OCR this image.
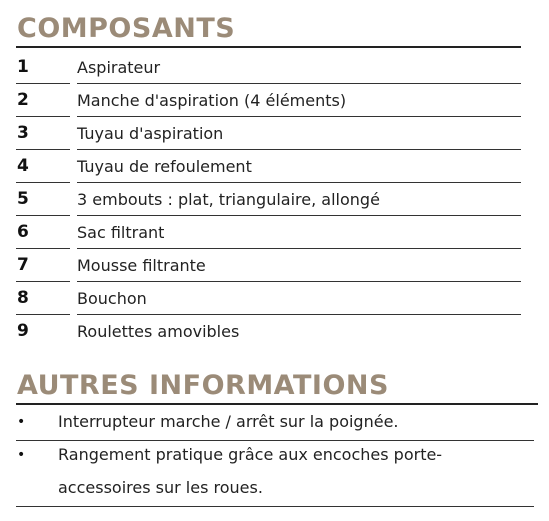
COMPOSANTS
1	Aspirateur
2	Manche d'aspiration (4 éléments)
3	Tuyau d'aspiration
4	Tuyau de refoulement
5	3 embouts : plat, triangulaire, allongé
6	Sac filtrant
7	Mousse filtrante
8	Bouchon
9	Roulettes amovibles
AUTRES INFORMATIONS
• Interrupteur marche / arrêt sur la poignée.
• Rangement pratique grâce aux encoches porte-accessoires sur les roues.
